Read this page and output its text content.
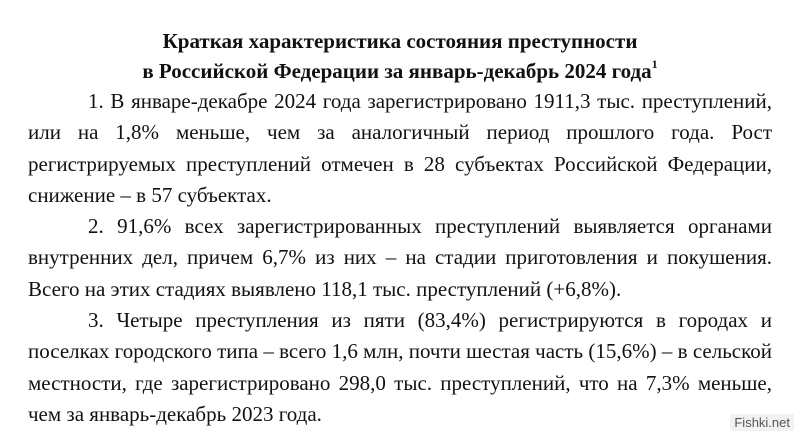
Краткая характеристика состояния преступности
в Российской Федерации за январь-декабрь 2024 года$^1$

1. В январе-декабре 2024 года зарегистрировано 1911,3 тыс. преступлений, или на 1,8% меньше, чем за аналогичный период прошлого года. Рост регистрируемых преступлений отмечен в 28 субъектах Российской Федерации, снижение – в 57 субъектах.

2. 91,6% всех зарегистрированных преступлений выявляется органами внутренних дел, причем 6,7% из них – на стадии приготовления и покушения. Всего на этих стадиях выявлено 118,1 тыс. преступлений (+6,8%).

3. Четыре преступления из пяти (83,4%) регистрируются в городах и поселках городского типа – всего 1,6 млн, почти шестая часть (15,6%) – в сельской местности, где зарегистрировано 298,0 тыс. преступлений, что на 7,3% меньше, чем за январь-декабрь 2023 года.	Fishki.net
